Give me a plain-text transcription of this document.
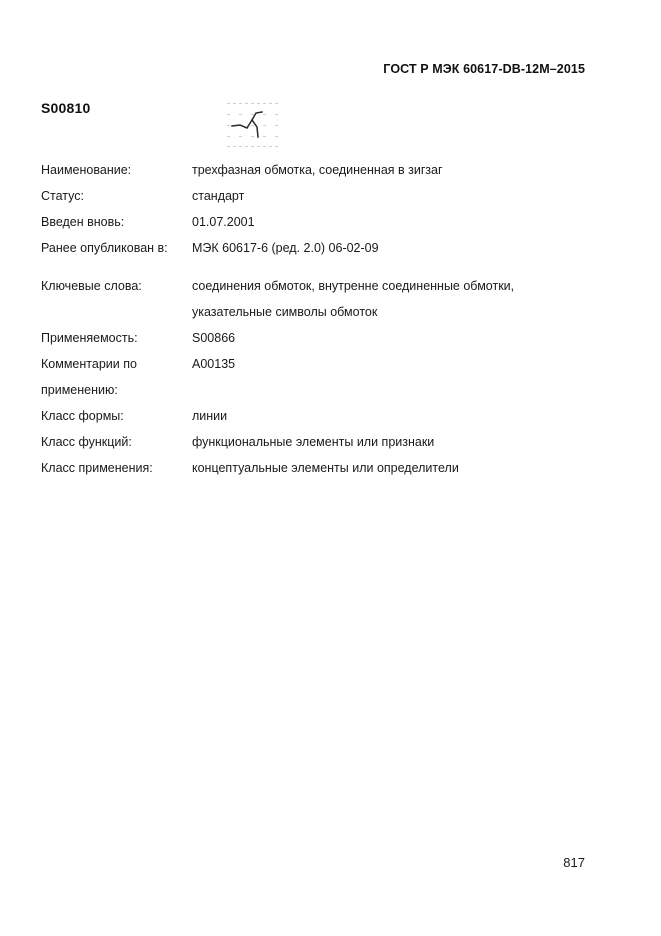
ГОСТ Р МЭК 60617-DB-12M–2015
S00810
Наименование:	трехфазная обмотка, соединенная в зигзаг
Статус:	стандарт
Введен вновь:	01.07.2001
Ранее опубликован в:	МЭК 60617-6 (ред. 2.0) 06-02-09
Ключевые слова:	соединения обмоток, внутренне соединенные обмотки,
указательные символы обмоток
Применяемость:	S00866
Комментарии по
применению:
A00135
Класс формы:	линии
Класс функций:	функциональные элементы или признаки
Класс применения:	концептуальные элементы или определители
817
